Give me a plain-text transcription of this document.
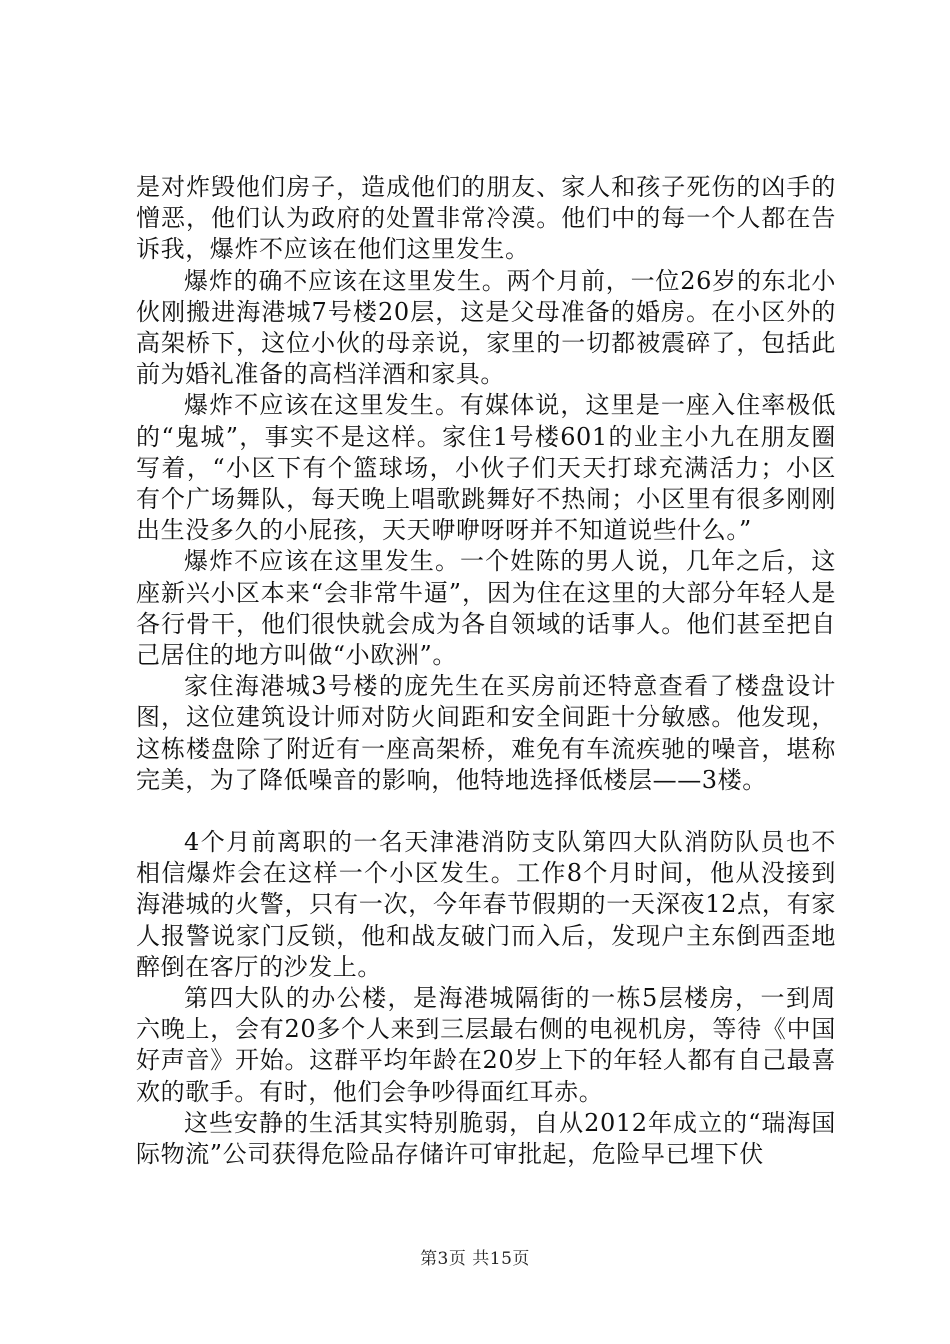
是对炸毁他们房子，造成他们的朋友、家人和孩子死伤的凶手的憎恶，他们认为政府的处置非常冷漠。他们中的每一个人都在告诉我，爆炸不应该在他们这里发生。

爆炸的确不应该在这里发生。两个月前，一位26岁的东北小伙刚搬进海港城7号楼20层，这是父母准备的婚房。在小区外的高架桥下，这位小伙的母亲说，家里的一切都被震碎了，包括此前为婚礼准备的高档洋酒和家具。

爆炸不应该在这里发生。有媒体说，这里是一座入住率极低的“鬼城”，事实不是这样。家住1号楼601的业主小九在朋友圈写着，“小区下有个篮球场，小伙子们天天打球充满活力；小区有个广场舞队，每天晚上唱歌跳舞好不热闹；小区里有很多刚刚出生没多久的小屁孩，天天咿咿呀呀并不知道说些什么。”

爆炸不应该在这里发生。一个姓陈的男人说，几年之后，这座新兴小区本来“会非常牛逼”，因为住在这里的大部分年轻人是各行骨干，他们很快就会成为各自领域的话事人。他们甚至把自己居住的地方叫做“小欧洲”。

家住海港城3号楼的庞先生在买房前还特意查看了楼盘设计图，这位建筑设计师对防火间距和安全间距十分敏感。他发现，这栋楼盘除了附近有一座高架桥，难免有车流疾驰的噪音，堪称完美，为了降低噪音的影响，他特地选择低楼层——3楼。

4个月前离职的一名天津港消防支队第四大队消防队员也不相信爆炸会在这样一个小区发生。工作8个月时间，他从没接到海港城的火警，只有一次，今年春节假期的一天深夜12点，有家人报警说家门反锁，他和战友破门而入后，发现户主东倒西歪地醉倒在客厅的沙发上。

第四大队的办公楼，是海港城隔街的一栋5层楼房，一到周六晚上，会有20多个人来到三层最右侧的电视机房，等待《中国好声音》开始。这群平均年龄在20岁上下的年轻人都有自己最喜欢的歌手。有时，他们会争吵得面红耳赤。

这些安静的生活其实特别脆弱，自从2012年成立的“瑞海国际物流”公司获得危险品存储许可审批起，危险早已埋下伏

第3页 共15页
